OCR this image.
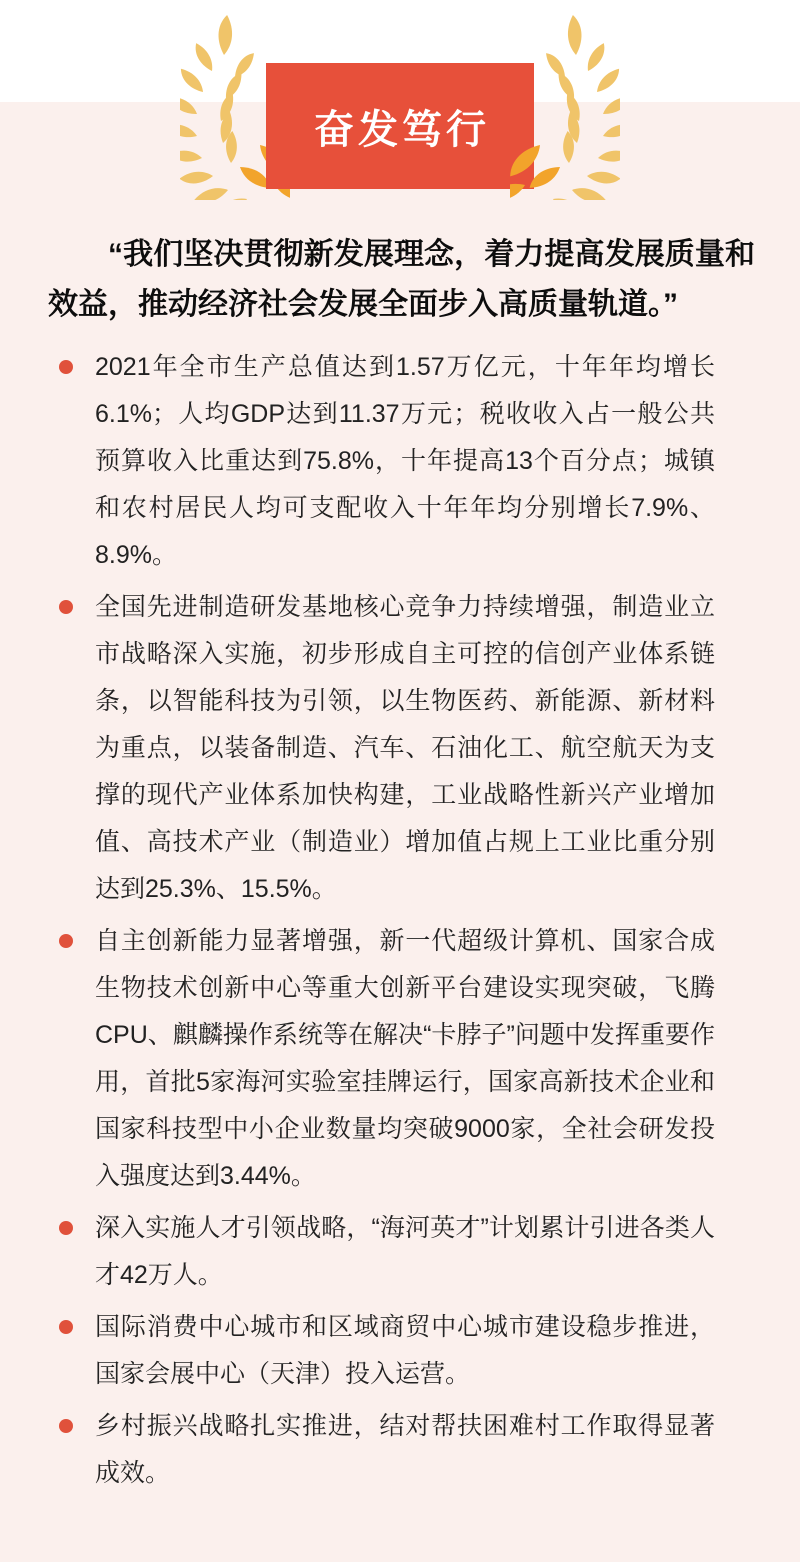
奋发笃行

“我们坚决贯彻新发展理念，着力提高发展质量和效益，推动经济社会发展全面步入高质量轨道。”

2021年全市生产总值达到1.57万亿元，十年年均增长6.1%；人均GDP达到11.37万元；税收收入占一般公共预算收入比重达到75.8%，十年提高13个百分点；城镇和农村居民人均可支配收入十年年均分别增长7.9%、8.9%。
全国先进制造研发基地核心竞争力持续增强，制造业立市战略深入实施，初步形成自主可控的信创产业体系链条，以智能科技为引领，以生物医药、新能源、新材料为重点，以装备制造、汽车、石油化工、航空航天为支撑的现代产业体系加快构建，工业战略性新兴产业增加值、高技术产业（制造业）增加值占规上工业比重分别达到25.3%、15.5%。
自主创新能力显著增强，新一代超级计算机、国家合成生物技术创新中心等重大创新平台建设实现突破，飞腾CPU、麒麟操作系统等在解决“卡脖子”问题中发挥重要作用，首批5家海河实验室挂牌运行，国家高新技术企业和国家科技型中小企业数量均突破9000家，全社会研发投入强度达到3.44%。
深入实施人才引领战略，“海河英才”计划累计引进各类人才42万人。
国际消费中心城市和区域商贸中心城市建设稳步推进，国家会展中心（天津）投入运营。
乡村振兴战略扎实推进，结对帮扶困难村工作取得显著成效。
